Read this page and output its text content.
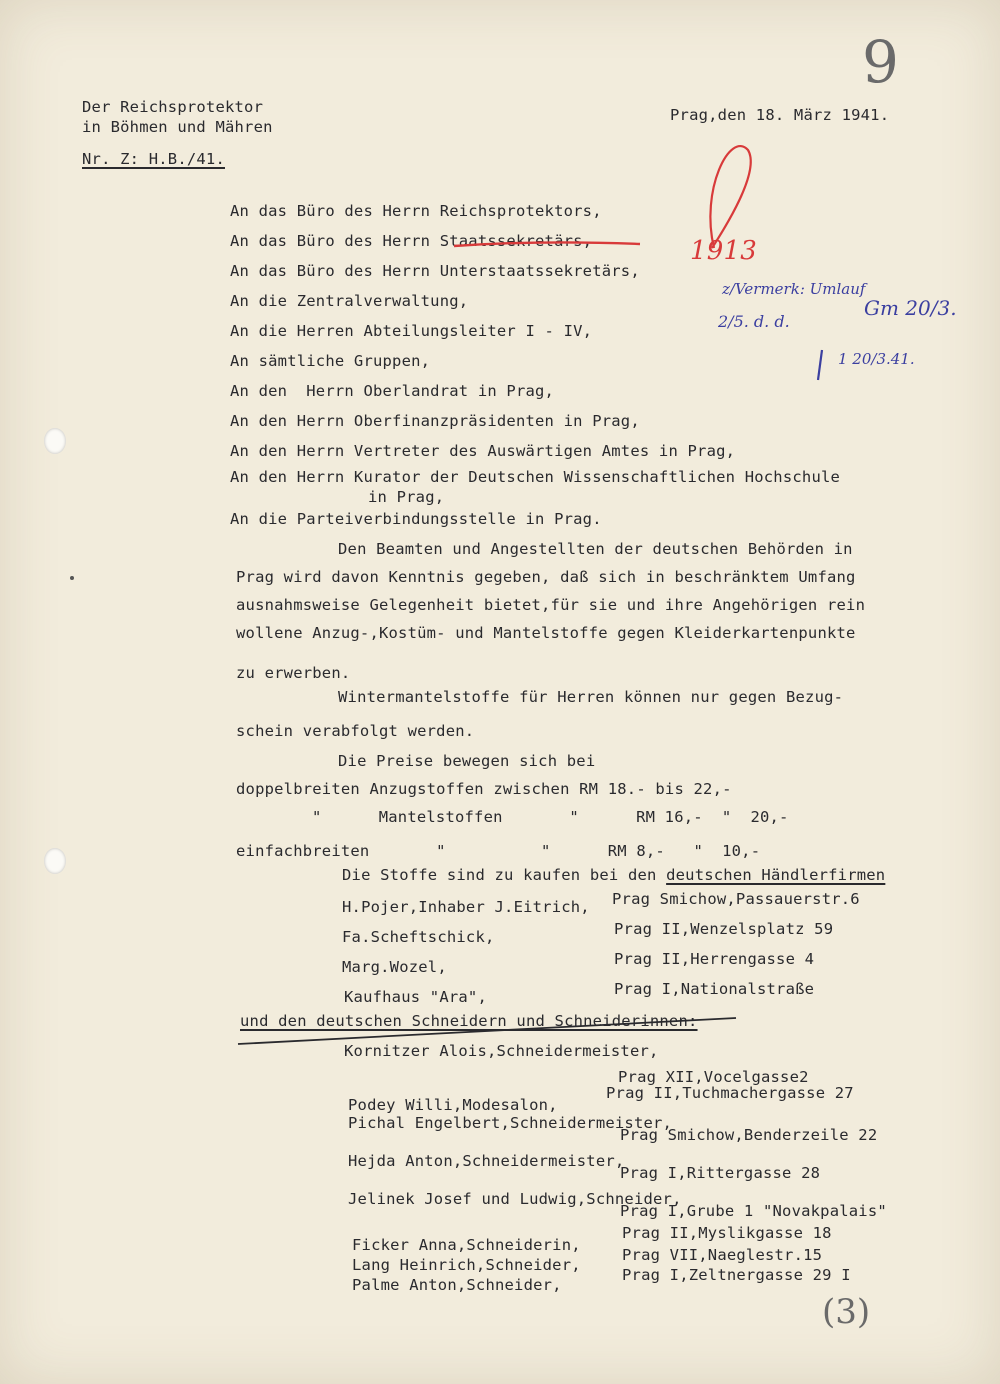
Der Reichsprotektor
in Böhmen und Mähren
Nr. Z: H.B./41.
Prag,den 18. März 1941.
9
An das Büro des Herrn Reichsprotektors,
An das Büro des Herrn Staatssekretärs,
An das Büro des Herrn Unterstaatssekretärs,
An die Zentralverwaltung,
An die Herren Abteilungsleiter I - IV,
An sämtliche Gruppen,
An den  Herrn Oberlandrat in Prag,
An den Herrn Oberfinanzpräsidenten in Prag,
An den Herrn Vertreter des Auswärtigen Amtes in Prag,
An den Herrn Kurator der Deutschen Wissenschaftlichen Hochschule
in Prag,
An die Parteiverbindungsstelle in Prag.
Den Beamten und Angestellten der deutschen Behörden in
Prag wird davon Kenntnis gegeben, daß sich in beschränktem Umfang
ausnahmsweise Gelegenheit bietet,für sie und ihre Angehörigen rein
wollene Anzug-,Kostüm- und Mantelstoffe gegen Kleiderkartenpunkte
zu erwerben.
Wintermantelstoffe für Herren können nur gegen Bezug-
schein verabfolgt werden.
Die Preise bewegen sich bei
doppelbreiten Anzugstoffen zwischen RM 18.- bis 22,-
"      Mantelstoffen       "      RM 16,-  "  20,-
einfachbreiten       "          "      RM 8,-   "  10,-
Die Stoffe sind zu kaufen bei den deutschen Händlerfirmen
H.Pojer,Inhaber J.Eitrich, Prag Smichow,Passauerstr.6
Fa.Scheftschick,	Prag II,Wenzelsplatz 59
Marg.Wozel,	Prag II,Herrengasse 4
Kaufhaus "Ara",	Prag I,Nationalstraße
und den deutschen Schneidern und Schneiderinnen:
Kornitzer Alois,Schneidermeister,
Prag XII,Vocelgasse2
Podey Willi,Modesalon,
Prag II,Tuchmachergasse 27
Pichal Engelbert,Schneidermeister,
Prag Smichow,Benderzeile 22
Hejda Anton,Schneidermeister,
Prag I,Rittergasse 28
Jelinek Josef und Ludwig,Schneider,
Prag I,Grube 1 "Novakpalais"
Ficker Anna,Schneiderin,
Prag II,Myslikgasse 18
Lang Heinrich,Schneider,
Prag VII,Naeglestr.15
Palme Anton,Schneider,
Prag I,Zeltnergasse 29 I
1913
z/Vermerk: Umlauf
2/5. d. d.
Gm 20/3.
1 20/3.41.
(3)
